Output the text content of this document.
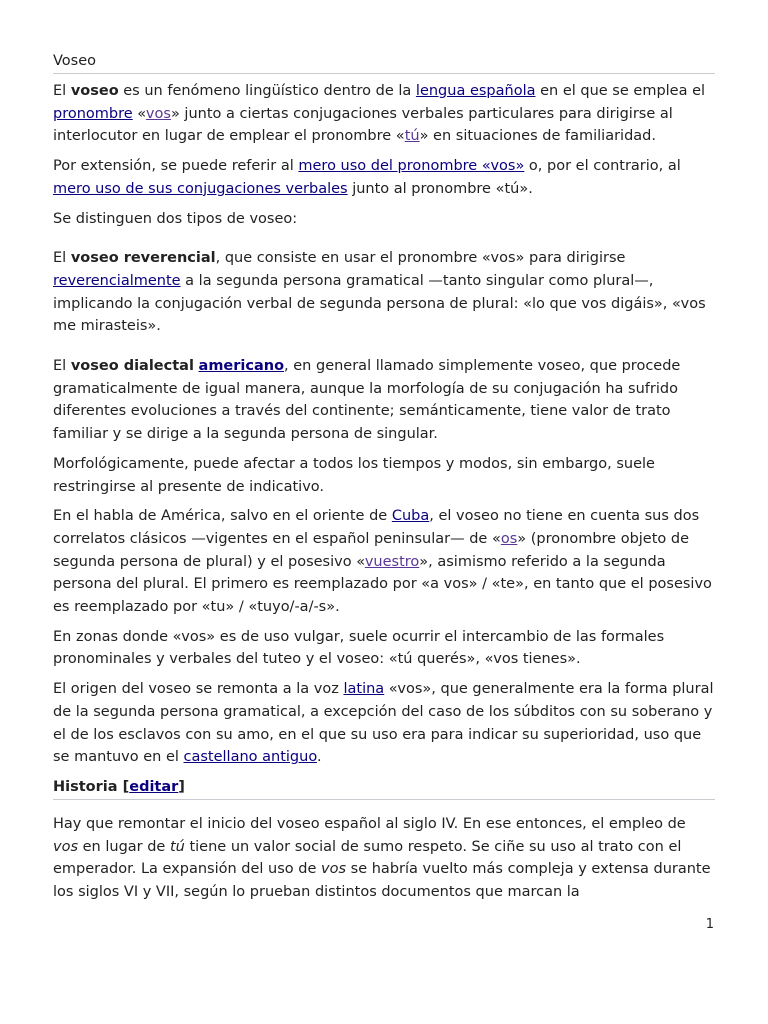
Voseo

El voseo es un fenómeno lingüístico dentro de la lengua española en el que se emplea el pronombre «vos» junto a ciertas conjugaciones verbales particulares para dirigirse al interlocutor en lugar de emplear el pronombre «tú» en situaciones de familiaridad.

Por extensión, se puede referir al mero uso del pronombre «vos» o, por el contrario, al mero uso de sus conjugaciones verbales junto al pronombre «tú».

Se distinguen dos tipos de voseo:

El voseo reverencial, que consiste en usar el pronombre «vos» para dirigirse reverencialmente a la segunda persona gramatical —tanto singular como plural—, implicando la conjugación verbal de segunda persona de plural: «lo que vos digáis», «vos me mirasteis».

El voseo dialectal americano, en general llamado simplemente voseo, que procede gramaticalmente de igual manera, aunque la morfología de su conjugación ha sufrido diferentes evoluciones a través del continente; semánticamente, tiene valor de trato familiar y se dirige a la segunda persona de singular.

Morfológicamente, puede afectar a todos los tiempos y modos, sin embargo, suele restringirse al presente de indicativo.

En el habla de América, salvo en el oriente de Cuba, el voseo no tiene en cuenta sus dos correlatos clásicos —vigentes en el español peninsular— de «os» (pronombre objeto de segunda persona de plural) y el posesivo «vuestro», asimismo referido a la segunda persona del plural. El primero es reemplazado por «a vos» / «te», en tanto que el posesivo es reemplazado por «tu» / «tuyo/-a/-s».

En zonas donde «vos» es de uso vulgar, suele ocurrir el intercambio de las formales pronominales y verbales del tuteo y el voseo: «tú querés», «vos tienes».

El origen del voseo se remonta a la voz latina «vos», que generalmente era la forma plural de la segunda persona gramatical, a excepción del caso de los súbditos con su soberano y el de los esclavos con su amo, en el que su uso era para indicar su superioridad, uso que se mantuvo en el castellano antiguo.

Historia [editar]

Hay que remontar el inicio del voseo español al siglo IV. En ese entonces, el empleo de vos en lugar de tú tiene un valor social de sumo respeto. Se ciñe su uso al trato con el emperador. La expansión del uso de vos se habría vuelto más compleja y extensa durante los siglos VI y VII, según lo prueban distintos documentos que marcan la

1
